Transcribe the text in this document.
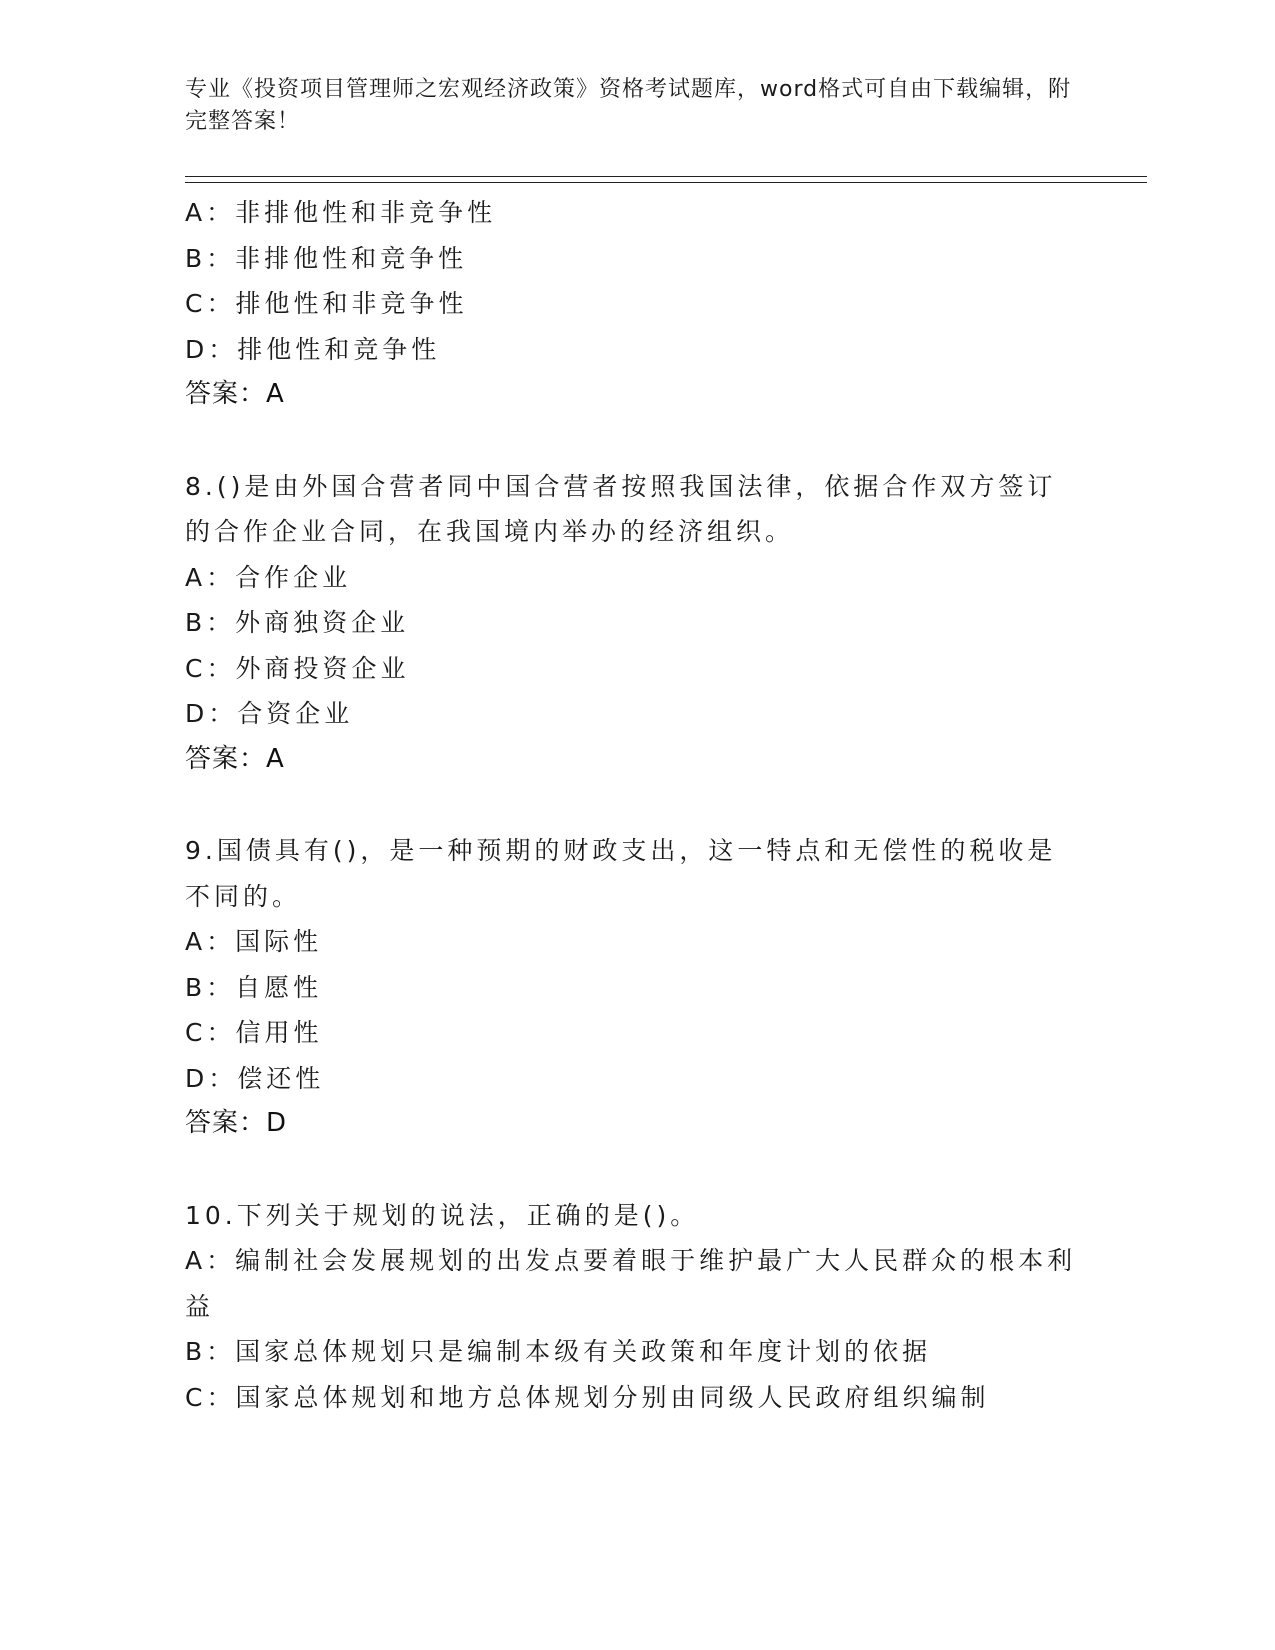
专业《投资项目管理师之宏观经济政策》资格考试题库，word格式可自由下载编辑，附完整答案！
A：非排他性和非竞争性
B：非排他性和竞争性
C：排他性和非竞争性
D：排他性和竞争性
答案：A
8.()是由外国合营者同中国合营者按照我国法律，依据合作双方签订
的合作企业合同，在我国境内举办的经济组织。
A：合作企业
B：外商独资企业
C：外商投资企业
D：合资企业
答案：A
9.国债具有()，是一种预期的财政支出，这一特点和无偿性的税收是
不同的。
A：国际性
B：自愿性
C：信用性
D：偿还性
答案：D
10.下列关于规划的说法，正确的是()。
A：编制社会发展规划的出发点要着眼于维护最广大人民群众的根本利
益
B：国家总体规划只是编制本级有关政策和年度计划的依据
C：国家总体规划和地方总体规划分别由同级人民政府组织编制
